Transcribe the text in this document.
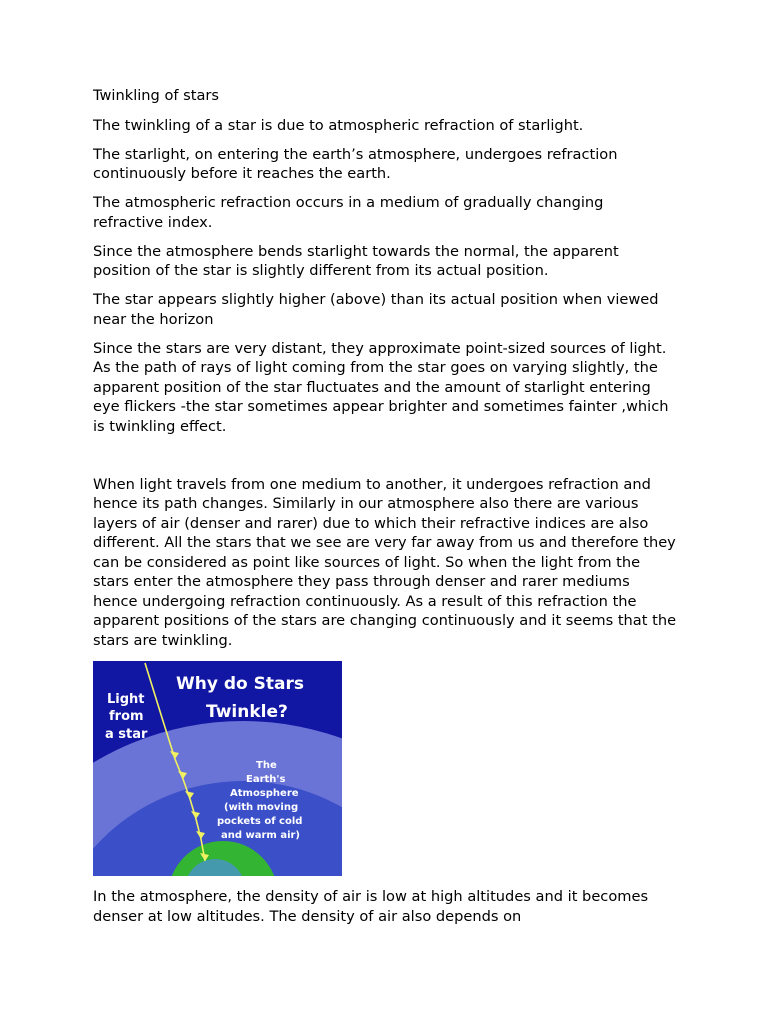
Twinkling of stars

The twinkling of a star is due to atmospheric refraction of starlight.

The starlight, on entering the earth’s atmosphere, undergoes refraction continuously before it reaches the earth.

The atmospheric refraction occurs in a medium of gradually changing refractive index.

Since the atmosphere bends starlight towards the normal, the apparent position of the star is slightly different from its actual position.

The star appears slightly higher (above) than its actual position when viewed near the horizon

Since the stars are very distant, they approximate point-sized sources of light. As the path of rays of light coming from the star goes on varying slightly, the apparent position of the star fluctuates and the amount of starlight entering eye flickers -the star sometimes appear brighter and sometimes fainter ,which is twinkling effect.

When light travels from one medium to another, it undergoes refraction and hence its path changes. Similarly in our atmosphere also there are various layers of air (denser and rarer) due to which their refractive indices are also different. All the stars that we see are very far away from us and therefore they can be considered as point like sources of light. So when the light from the stars enter the atmosphere they pass through denser and rarer mediums hence undergoing refraction continuously. As a result of this refraction the apparent positions of the stars are changing continuously and it seems that the stars are twinkling.

Why do Stars
Twinkle?
Light
from
a star
The
Earth's
Atmosphere
(with moving
pockets of cold
and warm air)

In the atmosphere, the density of air is low at high altitudes and it becomes denser at low altitudes. The density of air also depends on
